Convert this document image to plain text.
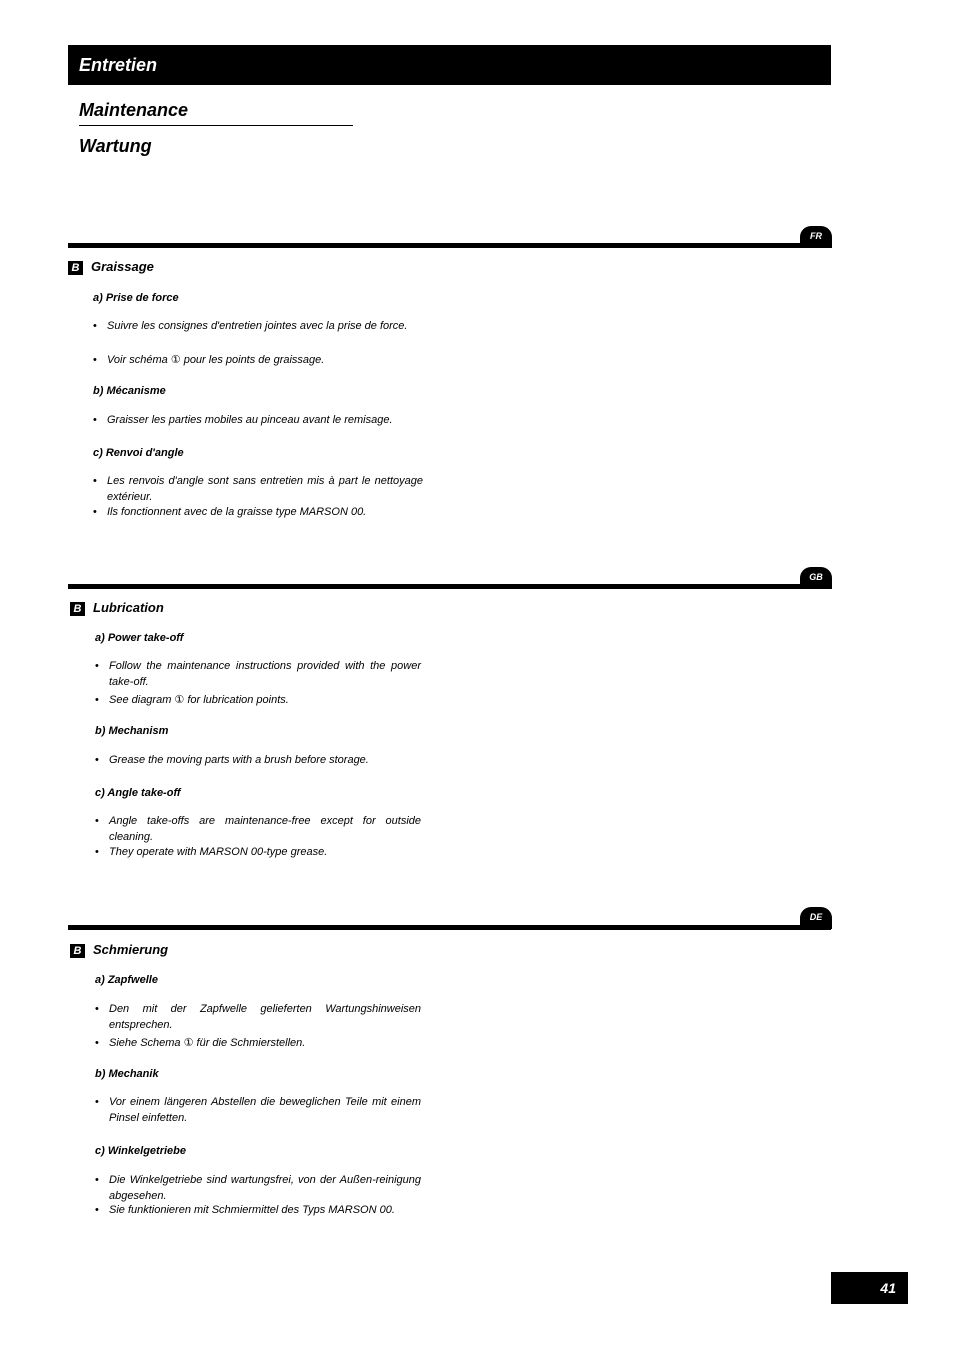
Entretien
Maintenance
Wartung
FR
B Graissage
a) Prise de force
• Suivre les consignes d'entretien jointes avec la prise de force.
• Voir schéma ① pour les points de graissage.
b) Mécanisme
• Graisser les parties mobiles au pinceau avant le remisage.
c) Renvoi d'angle
• Les renvois d'angle sont sans entretien mis à part le nettoyage extérieur.
• Ils fonctionnent avec de la graisse type MARSON 00.
GB
B Lubrication
a) Power take-off
• Follow the maintenance instructions provided with the power take-off.
• See diagram ① for lubrication points.
b) Mechanism
• Grease the moving parts with a brush before storage.
c) Angle take-off
• Angle take-offs are maintenance-free except for outside cleaning.
• They operate with MARSON 00-type grease.
DE
B Schmierung
a) Zapfwelle
• Den mit der Zapfwelle gelieferten Wartungshinweisen entsprechen.
• Siehe Schema ① für die Schmierstellen.
b) Mechanik
• Vor einem längeren Abstellen die beweglichen Teile mit einem Pinsel einfetten.
c) Winkelgetriebe
• Die Winkelgetriebe sind wartungsfrei, von der Außen-reinigung abgesehen.
• Sie funktionieren mit Schmiermittel des Typs MARSON 00.
41
